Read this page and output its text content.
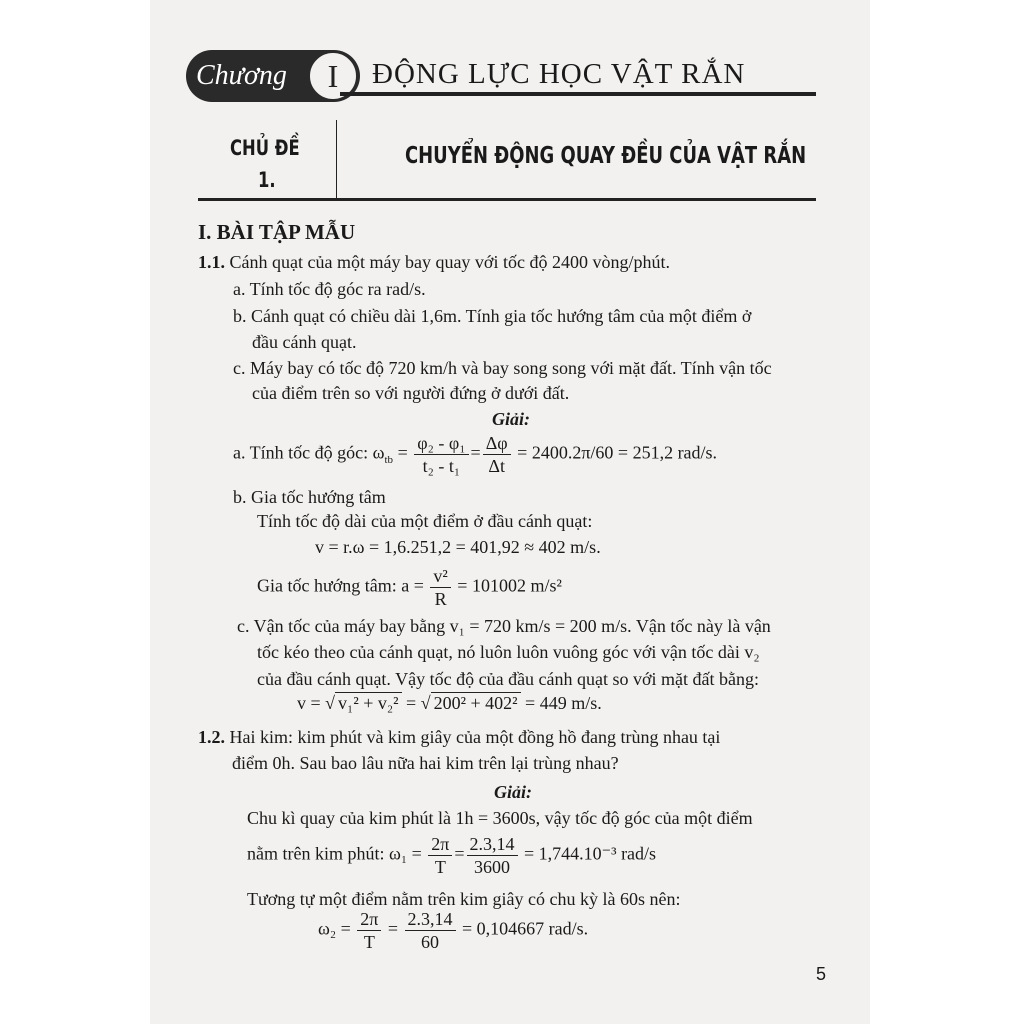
Chương	I	ĐỘNG LỰC HỌC VẬT RẮN
CHỦ ĐỀ
1.
CHUYỂN ĐỘNG QUAY ĐỀU CỦA VẬT RẮN
I. BÀI TẬP MẪU
1.1. Cánh quạt của một máy bay quay với tốc độ 2400 vòng/phút.
a. Tính tốc độ góc ra rad/s.
b. Cánh quạt có chiều dài 1,6m. Tính gia tốc hướng tâm của một điểm ở
đầu cánh quạt.
c. Máy bay có tốc độ 720 km/h và bay song song với mặt đất. Tính vận tốc
của điểm trên so với người đứng ở dưới đất.
Giải:
a. Tính tốc độ góc: $\omega_{tb} = \frac{\text{φ₂ - φ₁}}{\text{t₂ - t₁}} = \frac{\Delta\varphi}{\Delta t} = 2400.2\pi/60 = 251,2$ rad/s.
b. Gia tốc hướng tâm
Tính tốc độ dài của một điểm ở đầu cánh quạt:
v = r.ω = 1,6.251,2 = 401,92 ≈ 402 m/s.
Gia tốc hướng tâm: $a = \frac{\text{v²}}{R} = 101002$ m/s²
c. Vận tốc của máy bay bằng v₁ = 720 km/s = 200 m/s. Vận tốc này là vận
tốc kéo theo của cánh quạt, nó luôn luôn vuông góc với vận tốc dài v₂
của đầu cánh quạt. Vậy tốc độ của đầu cánh quạt so với mặt đất bằng:
v = √ v₁² + v₂² = √ 200² + 402² = 449 m/s.
1.2. Hai kim: kim phút và kim giây của một đồng hồ đang trùng nhau tại
điểm 0h. Sau bao lâu nữa hai kim trên lại trùng nhau?
Giải:
Chu kì quay của kim phút là 1h = 3600s, vậy tốc độ góc của một điểm
nằm trên kim phút: $\omega_1 = \frac{2\pi}{T} = \frac{2.3,14}{3600} = 1,744.10^{-3}$ rad/s
Tương tự một điểm nằm trên kim giây có chu kỳ là 60s nên:
$\omega_2 = \frac{2\pi}{T} = \frac{2.3,14}{60} = 0,104667$ rad/s.
5
